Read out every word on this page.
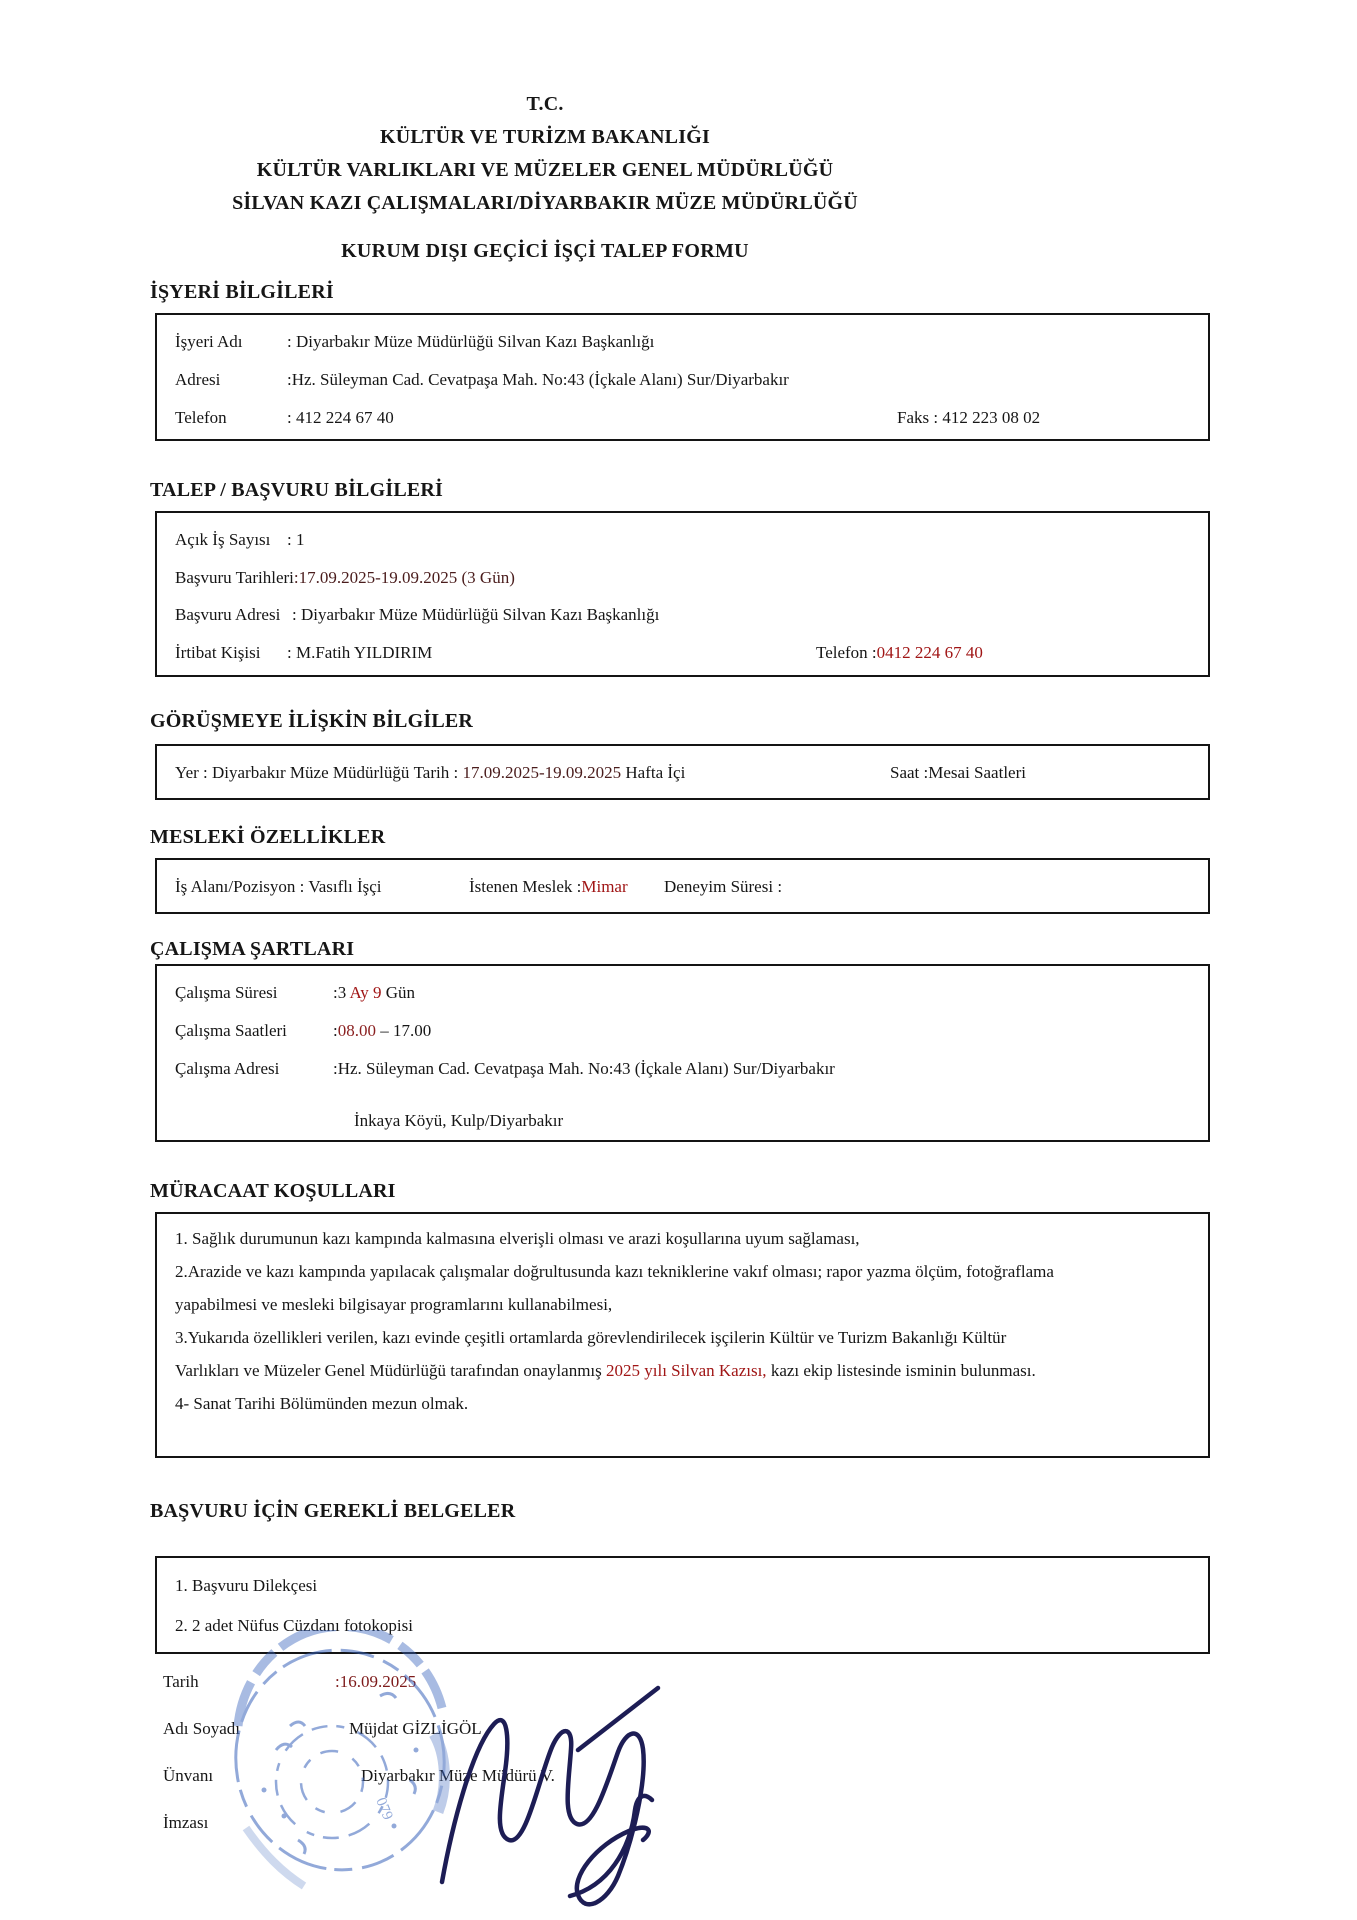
T.C.
KÜLTÜR VE TURİZM BAKANLIĞI
KÜLTÜR VARLIKLARI VE MÜZELER GENEL MÜDÜRLÜĞÜ
SİLVAN KAZI ÇALIŞMALARI/DİYARBAKIR MÜZE MÜDÜRLÜĞÜ
KURUM DIŞI GEÇİCİ İŞÇİ TALEP FORMU
İŞYERİ BİLGİLERİ
İşyeri Adı	: Diyarbakır Müze Müdürlüğü Silvan Kazı Başkanlığı
Adresi	:Hz. Süleyman Cad. Cevatpaşa Mah. No:43 (İçkale Alanı) Sur/Diyarbakır
Telefon	: 412 224 67 40	Faks : 412 223 08 02
TALEP / BAŞVURU BİLGİLERİ
Açık İş Sayısı : 1
Başvuru Tarihleri :17.09.2025-19.09.2025 (3 Gün)
Başvuru Adresi : Diyarbakır Müze Müdürlüğü Silvan Kazı Başkanlığı
İrtibat Kişisi	: M.Fatih YILDIRIM	Telefon :0412 224 67 40
GÖRÜŞMEYE İLİŞKİN BİLGİLER
Yer :
Diyarbakır Müze Müdürlüğü
Tarih :
17.09.2025-19.09.2025
Hafta İçi	Saat :Mesai Saatleri
MESLEKİ ÖZELLİKLER
İş Alanı/Pozisyon : Vasıflı İşçi	İstenen Meslek :Mimar Deneyim Süresi :
ÇALIŞMA ŞARTLARI
Çalışma Süresi	:3 Ay 9 Gün
Çalışma Saatleri	:08.00 – 17.00
Çalışma Adresi	:Hz. Süleyman Cad. Cevatpaşa Mah. No:43 (İçkale Alanı) Sur/Diyarbakır
İnkaya Köyü, Kulp/Diyarbakır
MÜRACAAT KOŞULLARI

1. Sağlık durumunun kazı kampında kalmasına elverişli olması ve arazi koşullarına uyum sağlaması,

2.Arazide ve kazı kampında yapılacak çalışmalar doğrultusunda kazı tekniklerine vakıf olması; rapor yazma ölçüm, fotoğraflama yapabilmesi ve mesleki bilgisayar programlarını kullanabilmesi,

3.Yukarıda özellikleri verilen, kazı evinde çeşitli ortamlarda görevlendirilecek işçilerin Kültür ve Turizm Bakanlığı Kültür Varlıkları ve Müzeler Genel Müdürlüğü tarafından onaylanmış 2025 yılı Silvan Kazısı, kazı ekip listesinde isminin bulunması.

4- Sanat Tarihi Bölümünden mezun olmak.

BAŞVURU İÇİN GEREKLİ BELGELER
1. Başvuru Dilekçesi
2. 2 adet Nüfus Cüzdanı fotokopisi
Tarih	:16.09.2025
Adı Soyadı	Müjdat GİZLİGÖL
Ünvanı	Diyarbakır Müze Müdürü V.
İmzası
079
